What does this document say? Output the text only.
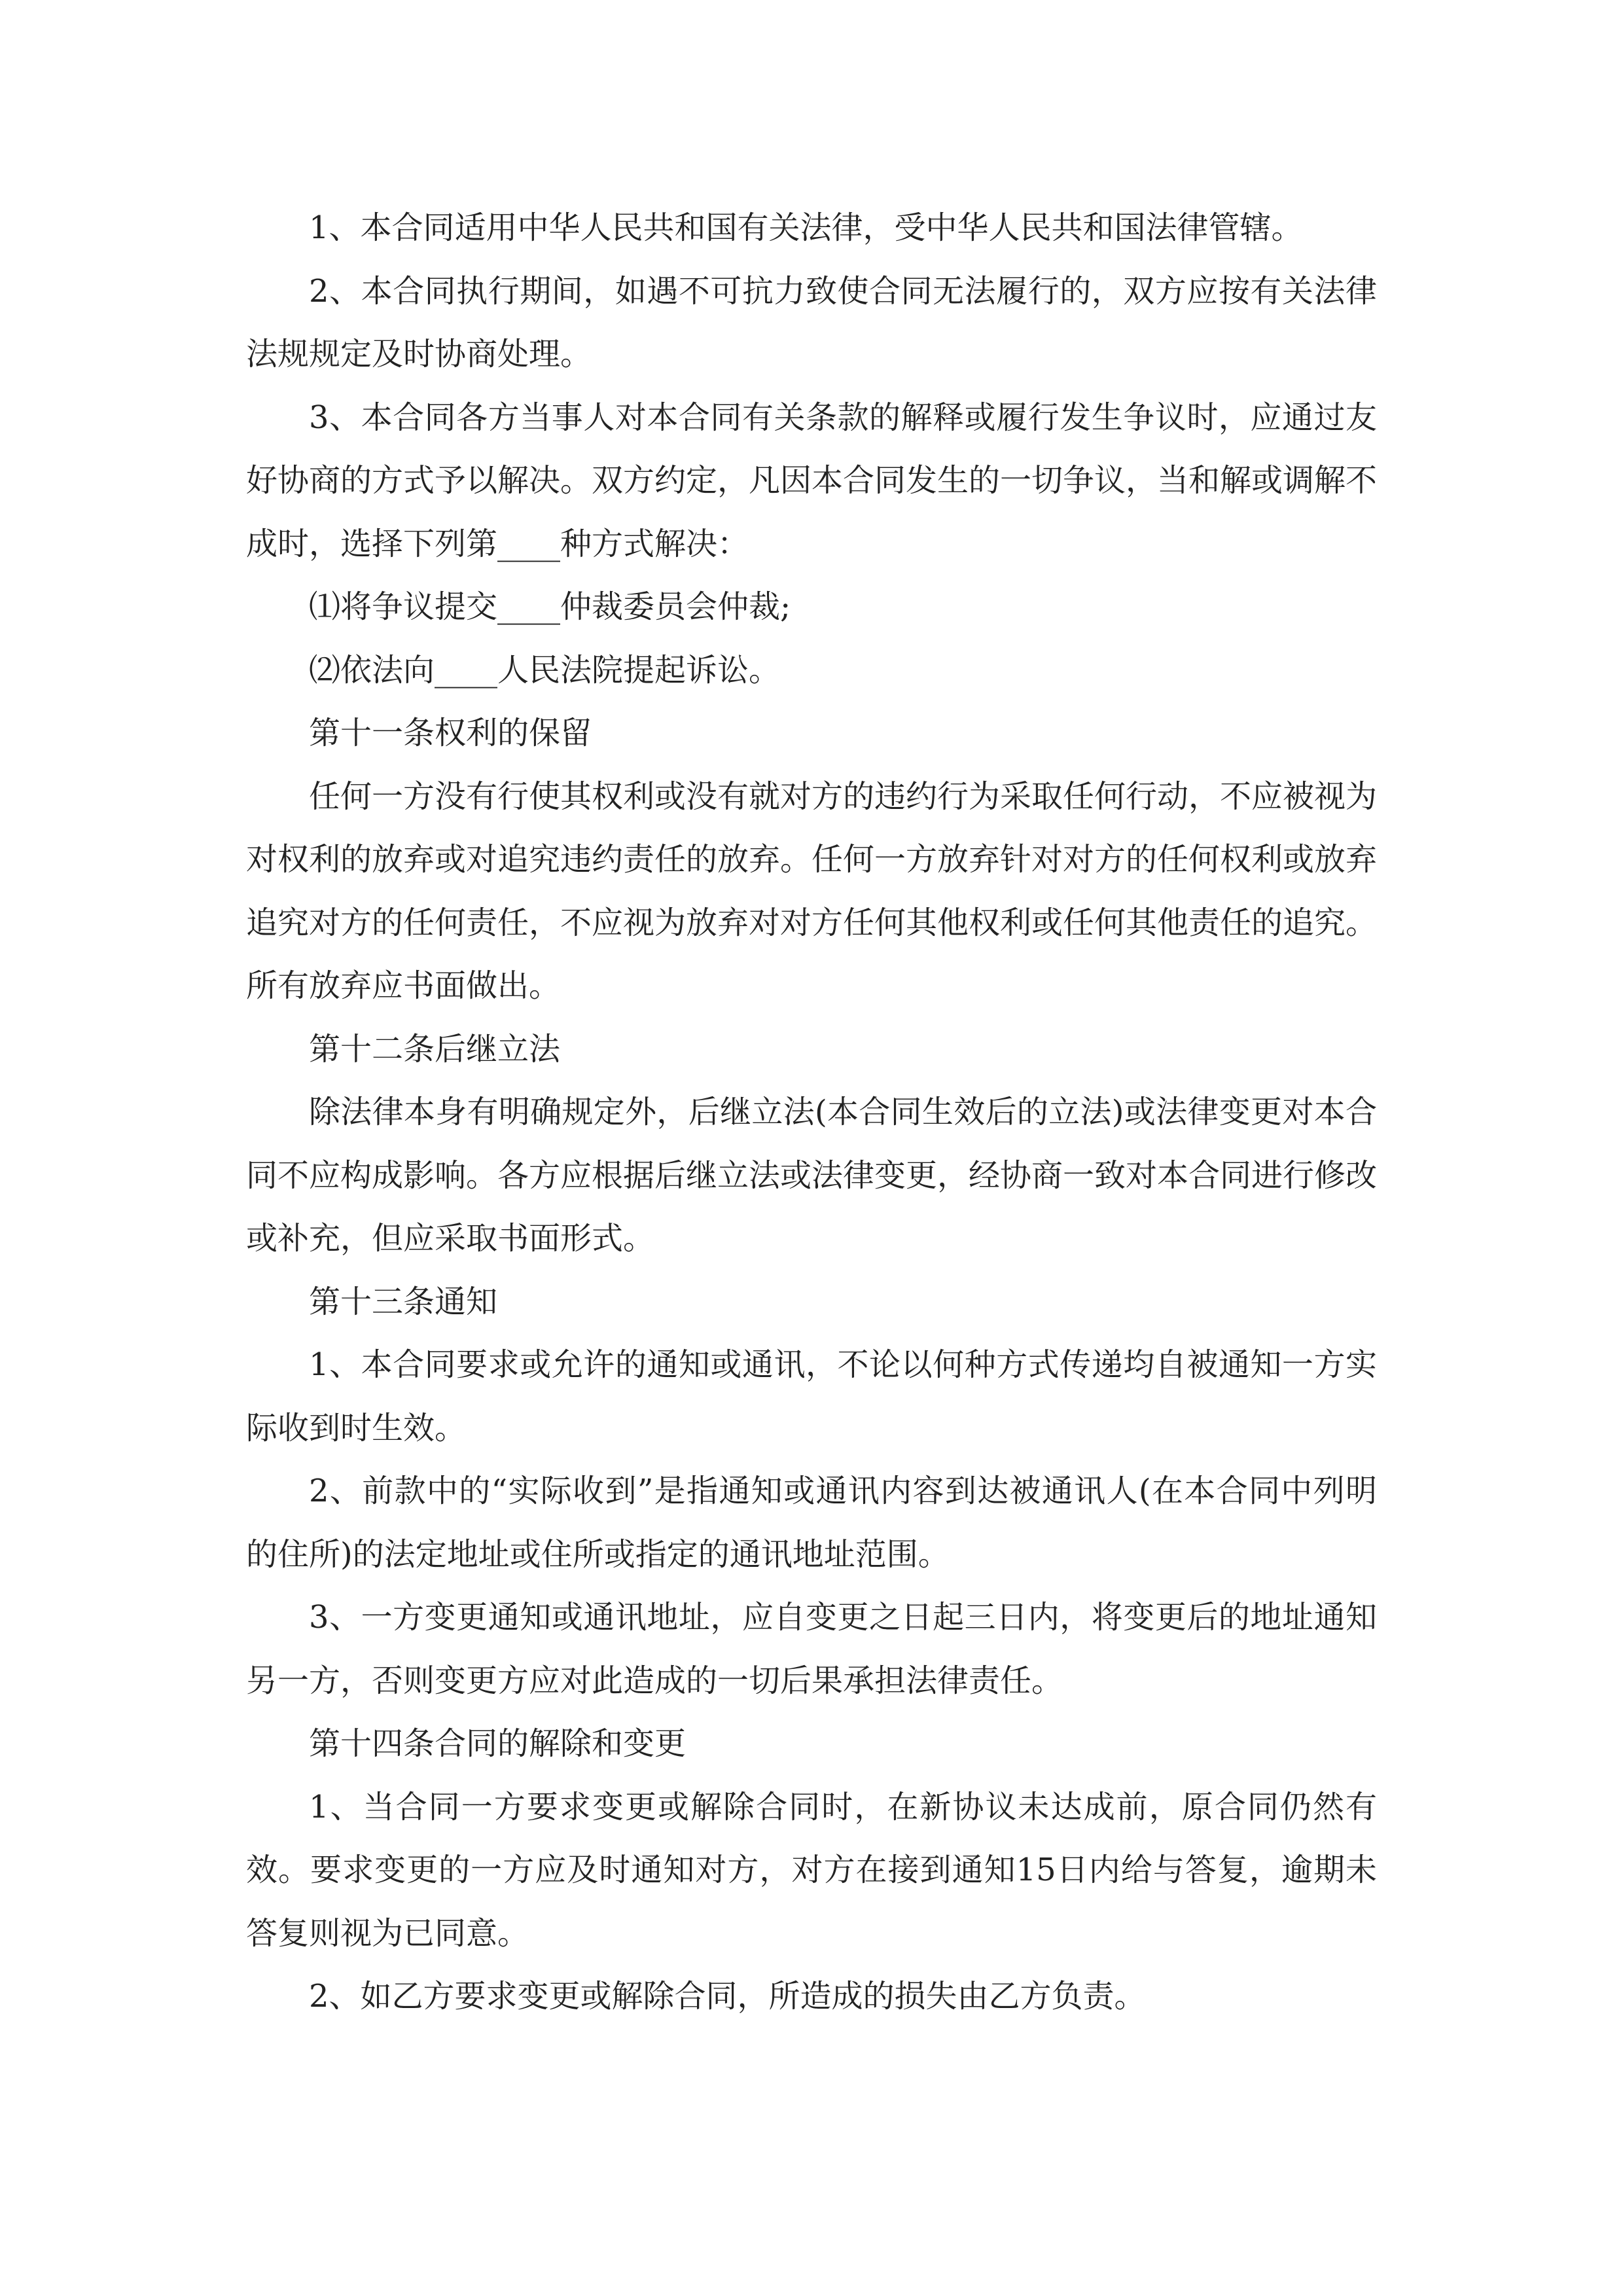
1、本合同适用中华人民共和国有关法律，受中华人民共和国法律管辖。

2、本合同执行期间，如遇不可抗力致使合同无法履行的，双方应按有关法律法规规定及时协商处理。

3、本合同各方当事人对本合同有关条款的解释或履行发生争议时，应通过友好协商的方式予以解决。双方约定，凡因本合同发生的一切争议，当和解或调解不成时，选择下列第____种方式解决：

⑴将争议提交____仲裁委员会仲裁;

⑵依法向____人民法院提起诉讼。

第十一条权利的保留

任何一方没有行使其权利或没有就对方的违约行为采取任何行动，不应被视为对权利的放弃或对追究违约责任的放弃。任何一方放弃针对对方的任何权利或放弃追究对方的任何责任，不应视为放弃对对方任何其他权利或任何其他责任的追究。所有放弃应书面做出。

第十二条后继立法

除法律本身有明确规定外，后继立法(本合同生效后的立法)或法律变更对本合同不应构成影响。各方应根据后继立法或法律变更，经协商一致对本合同进行修改或补充，但应采取书面形式。

第十三条通知

1、本合同要求或允许的通知或通讯，不论以何种方式传递均自被通知一方实际收到时生效。

2、前款中的“实际收到”是指通知或通讯内容到达被通讯人(在本合同中列明的住所)的法定地址或住所或指定的通讯地址范围。

3、一方变更通知或通讯地址，应自变更之日起三日内，将变更后的地址通知另一方，否则变更方应对此造成的一切后果承担法律责任。

第十四条合同的解除和变更

1、当合同一方要求变更或解除合同时，在新协议未达成前，原合同仍然有效。要求变更的一方应及时通知对方，对方在接到通知15日内给与答复，逾期未答复则视为已同意。

2、如乙方要求变更或解除合同，所造成的损失由乙方负责。
